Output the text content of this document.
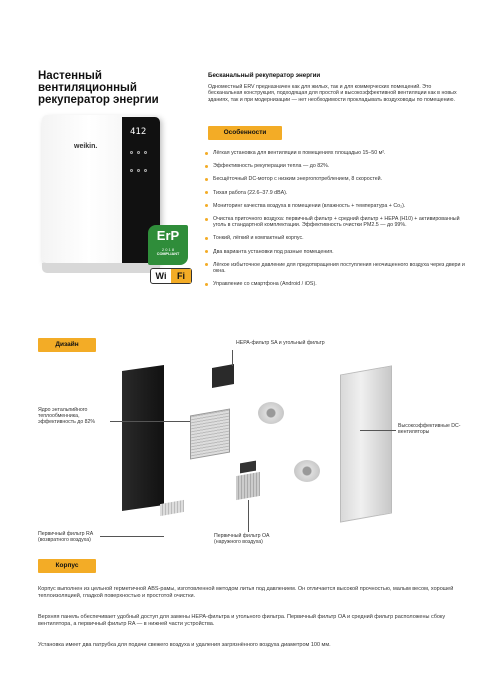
Настенный вентиляционный рекуператор энергии
Бесканальный рекуператор энергии
Одноместный ERV предназначен как для жилых, так и для коммерческих помещений. Это бесканальная конструкция, подходящая для простой и высокоэффективной вентиляции как в новых зданиях, так и при модернизации — нет необходимости прокладывать воздуховоды по помещению.
weikin.
412
ErP
2 0 1 8
COMPLIANT
Wi	Fi
Особенности
Лёгкая установка для вентиляции в помещениях площадью 15–50 м².
Эффективность рекуперации тепла — до 82%.
Бесщёточный DC-мотор с низким энергопотреблением, 8 скоростей.
Тихая работа (22.6–37.9 dBA).
Мониторинг качества воздуха в помещении (влажность + температура + Co₂).
Очистка приточного воздуха: первичный фильтр + средний фильтр + HEPA (H10) + активированный уголь в стандартной комплектации. Эффективность очистки PM2.5 — до 99%.
Тонкий, лёгкий и компактный корпус.
Два варианта установки под разные помещения.
Лёгкое избыточное давление для предотвращения поступления неочищенного воздуха через двери и окна.
Управление со смартфона (Android / iOS).
Дизайн	HEPA-фильтр SA и угольный фильтр
Ядро энтальпийного теплообменника, эффективность до 82%
Высокоэффективные DC-вентиляторы
Первичный фильтр RA (возвратного воздуха)
Первичный фильтр OA (наружного воздуха)
Корпус
Корпус выполнен из цельной герметичной ABS-рамы, изготовленной методом литья под давлением. Он отличается высокой прочностью, малым весом, хорошей теплоизоляцией, гладкой поверхностью и простотой очистки.
Верхняя панель обеспечивает удобный доступ для замены HEPA-фильтра и угольного фильтра. Первичный фильтр OA и средний фильтр расположены сбоку вентилятора, а первичный фильтр RA — в нижней части устройства.
Установка имеет два патрубка для подачи свежего воздуха и удаления загрязнённого воздуха диаметром 100 мм.
